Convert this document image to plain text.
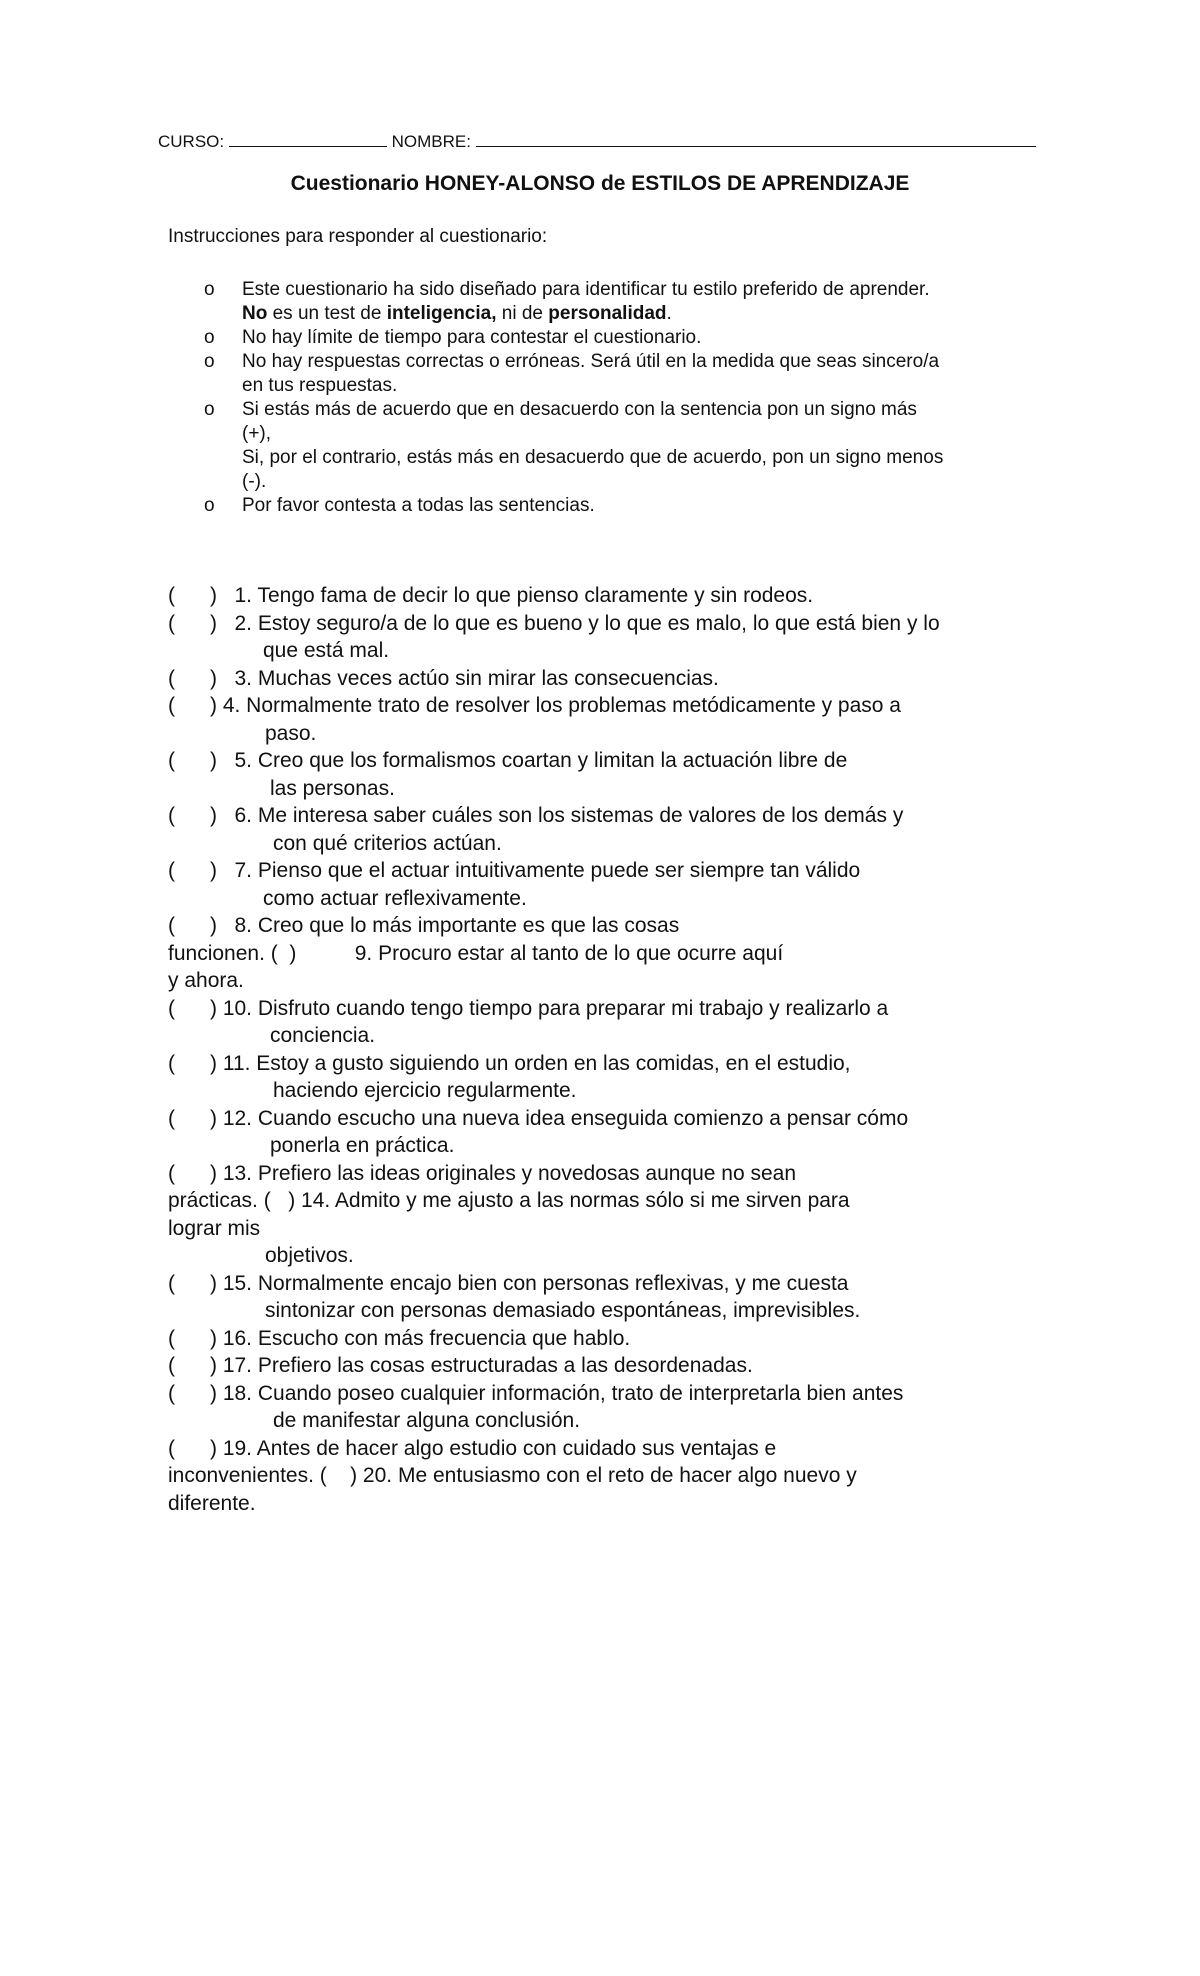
CURSO:	NOMBRE:
Cuestionario HONEY-ALONSO de ESTILOS DE APRENDIZAJE
Instrucciones para responder al cuestionario:
o Este cuestionario ha sido diseñado para identificar tu estilo preferido de aprender.
No es un test de inteligencia, ni de personalidad.
o No hay límite de tiempo para contestar el cuestionario.
o No hay respuestas correctas o erróneas. Será útil en la medida que seas sincero/a
en tus respuestas.
o Si estás más de acuerdo que en desacuerdo con la sentencia pon un signo más
(+),
Si, por el contrario, estás más en desacuerdo que de acuerdo, pon un signo menos
(-).
o Por favor contesta a todas las sentencias.
(      )   1. Tengo fama de decir lo que pienso claramente y sin rodeos.
(      )   2. Estoy seguro/a de lo que es bueno y lo que es malo, lo que está bien y lo
que está mal.
(      )   3. Muchas veces actúo sin mirar las consecuencias.
(      ) 4. Normalmente trato de resolver los problemas metódicamente y paso a
paso.
(      )   5. Creo que los formalismos coartan y limitan la actuación libre de
las personas.
(      )   6. Me interesa saber cuáles son los sistemas de valores de los demás y
con qué criterios actúan.
(      )   7. Pienso que el actuar intuitivamente puede ser siempre tan válido
como actuar reflexivamente.
(      )   8. Creo que lo más importante es que las cosas
funcionen. (  )          9. Procuro estar al tanto de lo que ocurre aquí
y ahora.
(      ) 10. Disfruto cuando tengo tiempo para preparar mi trabajo y realizarlo a
conciencia.
(      ) 11. Estoy a gusto siguiendo un orden en las comidas, en el estudio,
haciendo ejercicio regularmente.
(      ) 12. Cuando escucho una nueva idea enseguida comienzo a pensar cómo
ponerla en práctica.
(      ) 13. Prefiero las ideas originales y novedosas aunque no sean
prácticas. (   ) 14. Admito y me ajusto a las normas sólo si me sirven para
lograr mis
objetivos.
(      ) 15. Normalmente encajo bien con personas reflexivas, y me cuesta
sintonizar con personas demasiado espontáneas, imprevisibles.
(      ) 16. Escucho con más frecuencia que hablo.
(      ) 17. Prefiero las cosas estructuradas a las desordenadas.
(      ) 18. Cuando poseo cualquier información, trato de interpretarla bien antes
de manifestar alguna conclusión.
(      ) 19. Antes de hacer algo estudio con cuidado sus ventajas e
inconvenientes. (    ) 20. Me entusiasmo con el reto de hacer algo nuevo y
diferente.
